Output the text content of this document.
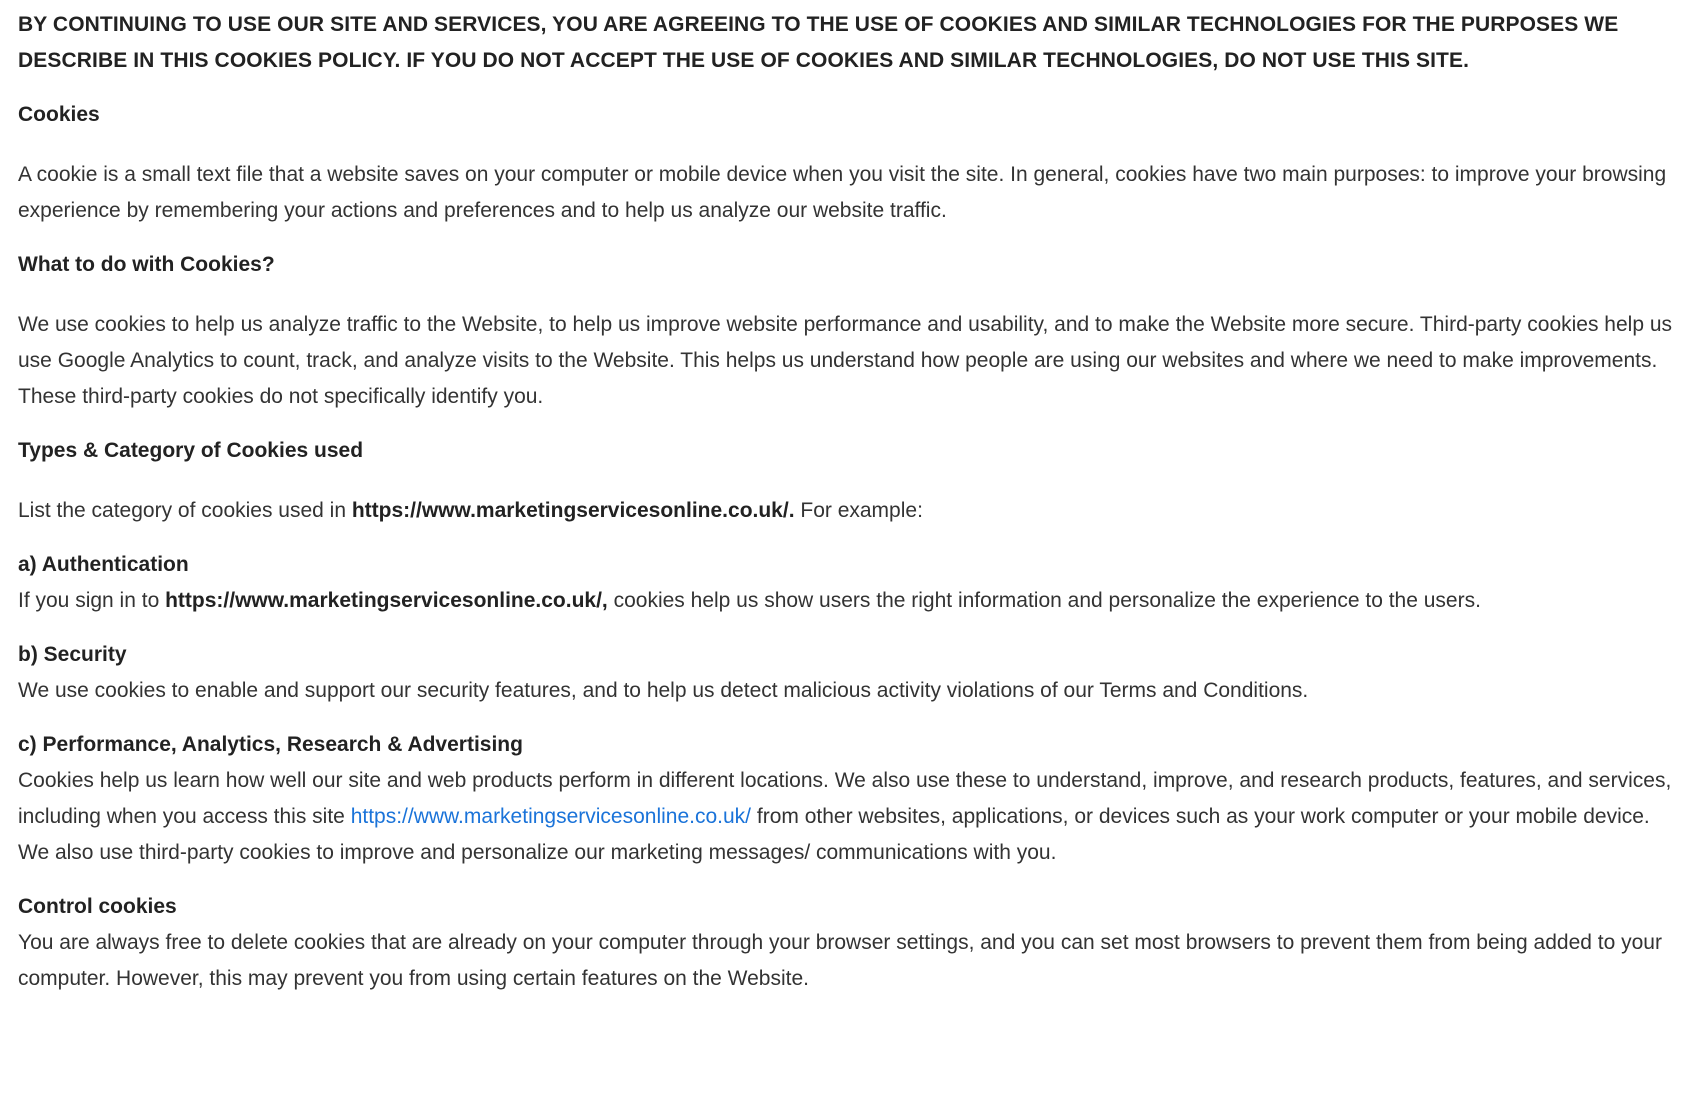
BY CONTINUING TO USE OUR SITE AND SERVICES, YOU ARE AGREEING TO THE USE OF COOKIES AND SIMILAR TECHNOLOGIES FOR THE PURPOSES WE DESCRIBE IN THIS COOKIES POLICY. IF YOU DO NOT ACCEPT THE USE OF COOKIES AND SIMILAR TECHNOLOGIES, DO NOT USE THIS SITE.

Cookies

A cookie is a small text file that a website saves on your computer or mobile device when you visit the site. In general, cookies have two main purposes: to improve your browsing experience by remembering your actions and preferences and to help us analyze our website traffic.

What to do with Cookies?

We use cookies to help us analyze traffic to the Website, to help us improve website performance and usability, and to make the Website more secure. Third-party cookies help us use Google Analytics to count, track, and analyze visits to the Website. This helps us understand how people are using our websites and where we need to make improvements. These third-party cookies do not specifically identify you.

Types & Category of Cookies used

List the category of cookies used in https://www.marketingservicesonline.co.uk/. For example:

a) Authentication

If you sign in to https://www.marketingservicesonline.co.uk/, cookies help us show users the right information and personalize the experience to the users.

b) Security

We use cookies to enable and support our security features, and to help us detect malicious activity violations of our Terms and Conditions.

c) Performance, Analytics, Research & Advertising

Cookies help us learn how well our site and web products perform in different locations. We also use these to understand, improve, and research products, features, and services, including when you access this site https://www.marketingservicesonline.co.uk/ from other websites, applications, or devices such as your work computer or your mobile device. We also use third-party cookies to improve and personalize our marketing messages/ communications with you.

Control cookies

You are always free to delete cookies that are already on your computer through your browser settings, and you can set most browsers to prevent them from being added to your computer. However, this may prevent you from using certain features on the Website.
